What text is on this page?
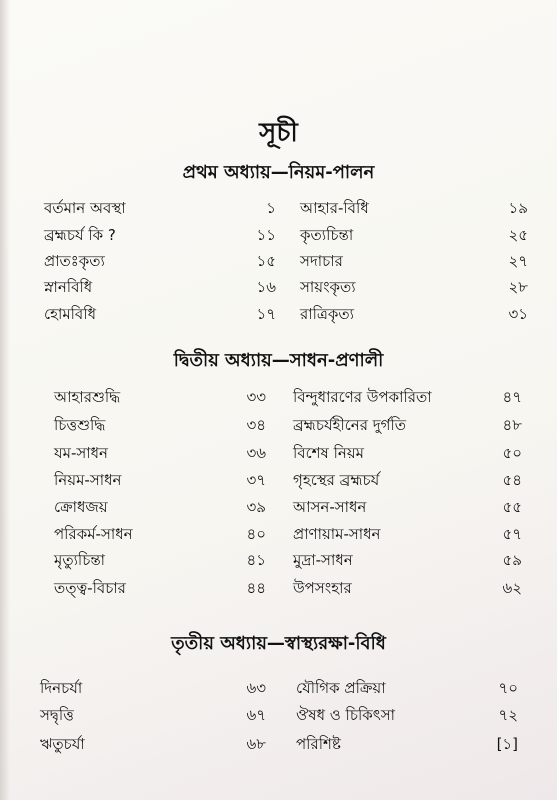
সূচী
প্রথম অধ্যায়—নিয়ম-পালন
বর্তমান অবস্থা	১ আহার-বিধি	১৯
ব্রহ্মচর্য কি ?	১১ কৃত্যচিন্তা	২৫
প্রাতঃকৃত্য	১৫ সদাচার	২৭
স্নানবিধি	১৬ সায়ংকৃত্য	২৮
হোমবিধি	১৭ রাত্রিকৃত্য	৩১
দ্বিতীয় অধ্যায়—সাধন-প্রণালী
আহারশুদ্ধি	৩৩ বিন্দুধারণের উপকারিতা	৪৭
চিত্তশুদ্ধি	৩৪ ব্রহ্মচর্যহীনের দুর্গতি	৪৮
যম-সাধন	৩৬ বিশেষ নিয়ম	৫০
নিয়ম-সাধন	৩৭ গৃহস্থের ব্রহ্মচর্য	৫৪
ক্রোধজয়	৩৯ আসন-সাধন	৫৫
পরিকর্ম-সাধন	৪০ প্রাণায়াম-সাধন	৫৭
মৃত্যুচিন্তা	৪১ মুদ্রা-সাধন	৫৯
তত্ত্ব-বিচার	৪৪ উপসংহার	৬২
তৃতীয় অধ্যায়—স্বাস্থ্যরক্ষা-বিধি
দিনচর্যা	৬৩ যৌগিক প্রক্রিয়া	৭০
সদ্বৃত্তি	৬৭ ঔষধ ও চিকিৎসা	৭২
ঋতুচর্যা	৬৮ পরিশিষ্ট	[১]
